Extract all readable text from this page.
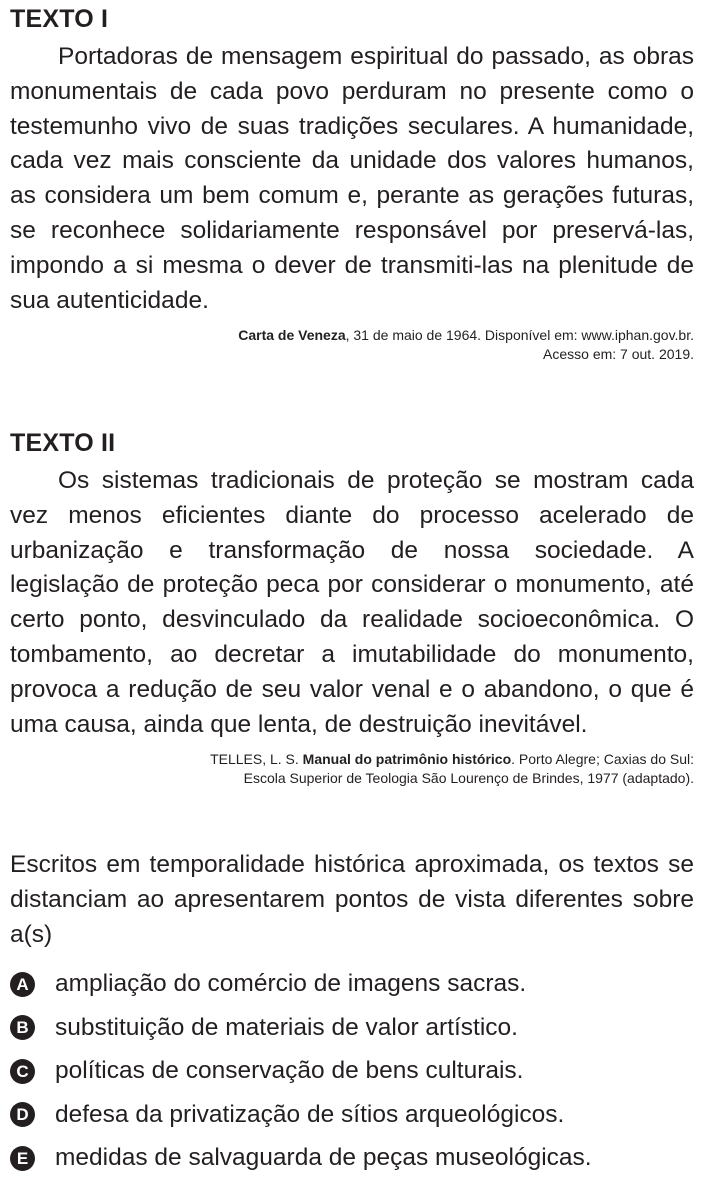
TEXTO I

Portadoras de mensagem espiritual do passado, as obras monumentais de cada povo perduram no presente como o testemunho vivo de suas tradições seculares. A humanidade, cada vez mais consciente da unidade dos valores humanos, as considera um bem comum e, perante as gerações futuras, se reconhece solidariamente responsável por preservá-las, impondo a si mesma o dever de transmiti-las na plenitude de sua autenticidade.

Carta de Veneza, 31 de maio de 1964. Disponível em: www.iphan.gov.br.
Acesso em: 7 out. 2019.
TEXTO II

Os sistemas tradicionais de proteção se mostram cada vez menos eficientes diante do processo acelerado de urbanização e transformação de nossa sociedade. A legislação de proteção peca por considerar o monumento, até certo ponto, desvinculado da realidade socioeconômica. O tombamento, ao decretar a imutabilidade do monumento, provoca a redução de seu valor venal e o abandono, o que é uma causa, ainda que lenta, de destruição inevitável.

TELLES, L. S. Manual do patrimônio histórico. Porto Alegre; Caxias do Sul:
Escola Superior de Teologia São Lourenço de Brindes, 1977 (adaptado).

Escritos em temporalidade histórica aproximada, os textos se distanciam ao apresentarem pontos de vista diferentes sobre a(s)

A ampliação do comércio de imagens sacras.
B substituição de materiais de valor artístico.
C políticas de conservação de bens culturais.
D defesa da privatização de sítios arqueológicos.
E medidas de salvaguarda de peças museológicas.
